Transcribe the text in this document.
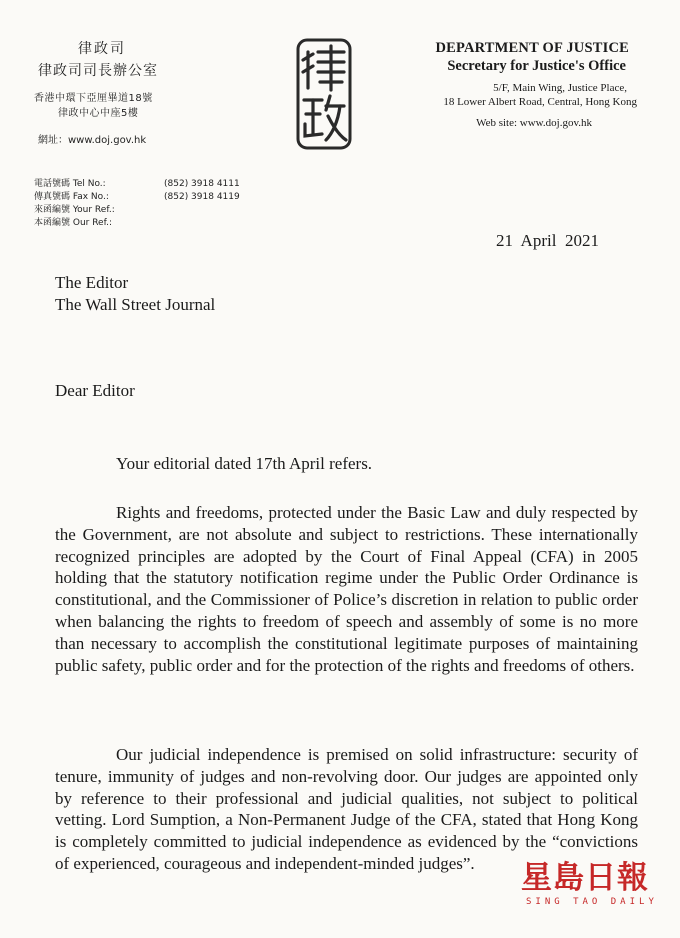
律政司
律政司司長辦公室
香港中環下亞厘畢道18號
律政中心中座5樓
網址：www.doj.gov.hk
DEPARTMENT OF JUSTICE
Secretary for Justice's Office
5/F, Main Wing, Justice Place,
18 Lower Albert Road, Central, Hong Kong
Web site: www.doj.gov.hk
電話號碼 Tel No.:	(852) 3918 4111
傳真號碼 Fax No.:	(852) 3918 4119
來函編號 Your Ref.:
本函編號 Our Ref.:
21  April  2021
The Editor
The Wall Street Journal
Dear Editor
Your editorial dated 17th April refers.
Rights and freedoms, protected under the Basic Law and duly respected by the Government, are not absolute and subject to restrictions. These internationally recognized principles are adopted by the Court of Final Appeal (CFA) in 2005 holding that the statutory notification regime under the Public Order Ordinance is constitutional, and the Commissioner of Police’s discretion in relation to public order when balancing the rights to freedom of speech and assembly of some is no more than necessary to accomplish the constitutional legitimate purposes of maintaining public safety, public order and for the protection of the rights and freedoms of others.
Our judicial independence is premised on solid infrastructure: security of tenure, immunity of judges and non-revolving door. Our judges are appointed only by reference to their professional and judicial qualities, not subject to political vetting. Lord Sumption, a Non-Permanent Judge of the CFA, stated that Hong Kong is completely committed to judicial independence as evidenced by the “convictions of experienced, courageous and independent-minded judges”.	星島日報
SING TAO DAILY
